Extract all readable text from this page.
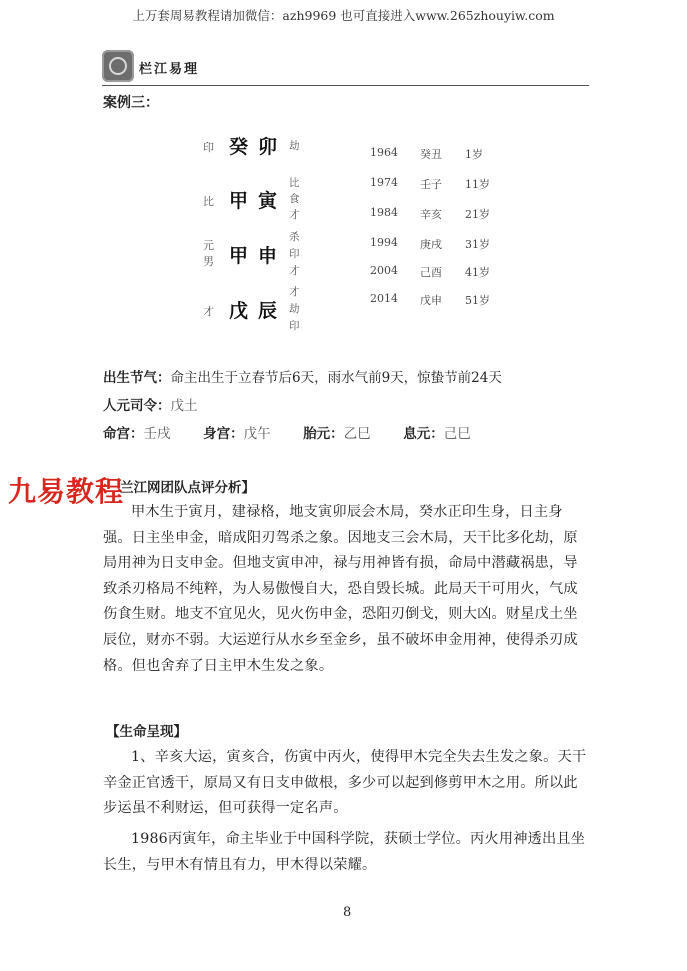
上万套周易教程请加微信：azh9969 也可直接进入www.265zhouyiw.com
栏江易理
案例三：
印 癸 卯 劫
比 甲 寅
比
食
才
元男 甲 申
杀
印
才
才 戊 辰
才
劫
印
1964 癸丑 1岁
1974 壬子 11岁
1984 辛亥 21岁
1994 庚戌 31岁
2004 己酉 41岁
2014 戊申 51岁
出生节气：命主出生于立春节后6天，雨水气前9天，惊蛰节前24天
人元司令：戊土
命宫：壬戌 身宫：戊午 胎元：乙巳 息元：己巳
九易教程
兰江网团队点评分析】
甲木生于寅月，建禄格，地支寅卯辰会木局，癸水正印生身，日主身强。日主坐申金，暗成阳刃驾杀之象。因地支三会木局，天干比多化劫，原局用神为日支申金。但地支寅申冲，禄与用神皆有损，命局中潜藏祸患，导致杀刃格局不纯粹，为人易傲慢自大，恐自毁长城。此局天干可用火，气成伤食生财。地支不宜见火，见火伤申金，恐阳刃倒戈，则大凶。财星戊土坐辰位，财亦不弱。大运逆行从水乡至金乡，虽不破坏申金用神，使得杀刃成格。但也舍弃了日主甲木生发之象。
【生命呈现】
1、辛亥大运，寅亥合，伤寅中丙火，使得甲木完全失去生发之象。天干辛金正官透干，原局又有日支申做根，多少可以起到修剪甲木之用。所以此步运虽不利财运，但可获得一定名声。
1986丙寅年，命主毕业于中国科学院，获硕士学位。丙火用神透出且坐长生，与甲木有情且有力，甲木得以荣耀。
8
